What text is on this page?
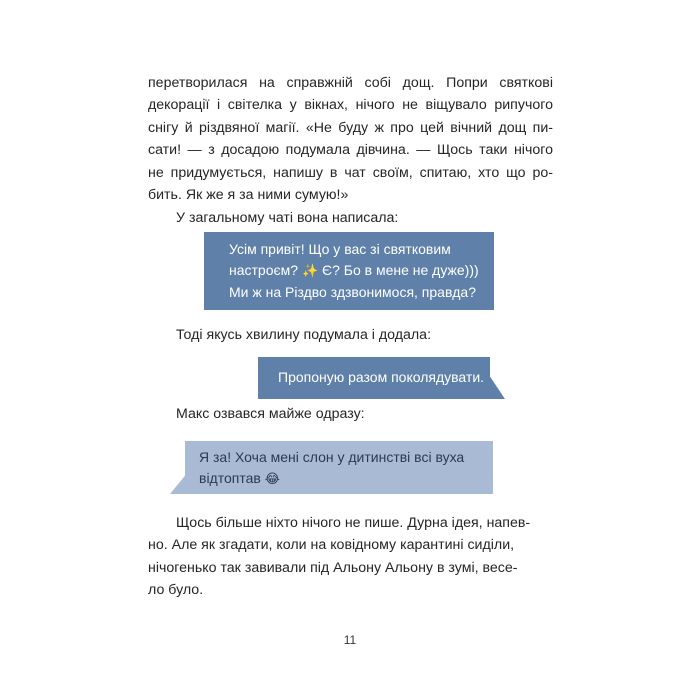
перетворилася на справжній собі дощ. Попри святкові
декорації і світелка у вікнах, нічого не віщувало рипучого
снігу й різдвяної магії. «Не буду ж про цей вічний дощ пи-
сати! — з досадою подумала дівчина. — Щось таки нічого
не придумується, напишу в чат своїм, спитаю, хто що ро-
бить. Як же я за ними сумую!»

У загальному чаті вона написала:

Усім привіт! Що у вас зі святковим
настроєм? ✨ Є? Бо в мене не дуже)))
Ми ж на Різдво здзвонимося, правда?

Тоді якусь хвилину подумала і додала:

Пропоную разом поколядувати.

Макс озвався майже одразу:

Я за! Хоча мені слон у дитинстві всі вуха
відтоптав 😂
Щось більше ніхто нічого не пише. Дурна ідея, напев-
но. Але як згадати, коли на ковідному карантині сиділи,
нічогенько так завивали під Альону Альону в зумі, весе-
ло було.
11
